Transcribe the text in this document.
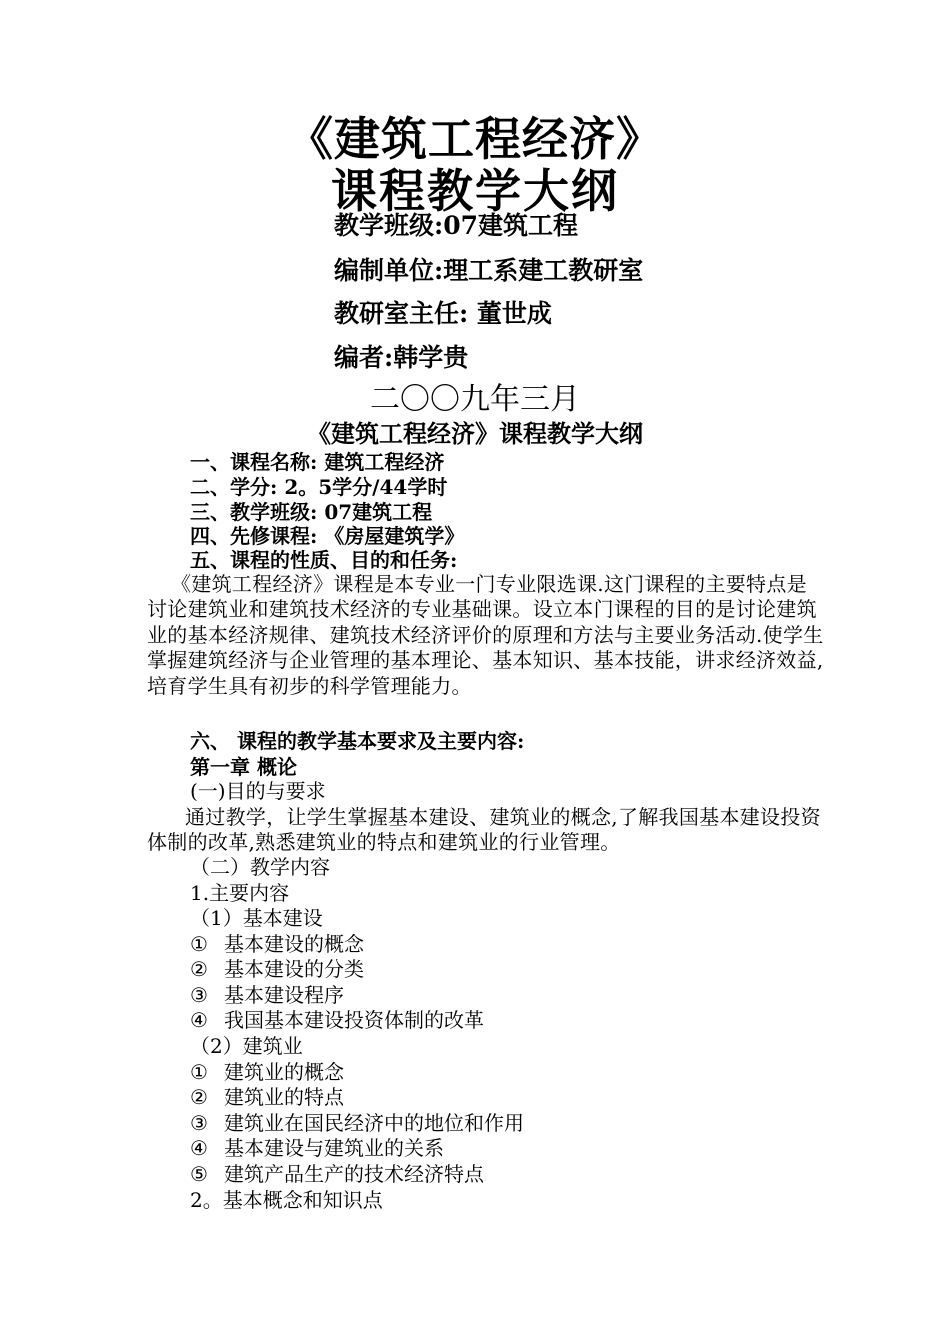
《建筑工程经济》
课程教学大纲
教学班级:07建筑工程
编制单位:理工系建工教研室
教研室主任: 董世成
编者:韩学贵
二〇〇九年三月
《建筑工程经济》课程教学大纲
一、课程名称: 建筑工程经济
二、学分: 2。5学分/44学时
三、教学班级: 07建筑工程
四、先修课程: 《房屋建筑学》
五、课程的性质、目的和任务:
《建筑工程经济》课程是本专业一门专业限选课.这门课程的主要特点是讨论建筑业和建筑技术经济的专业基础课。设立本门课程的目的是讨论建筑业的基本经济规律、建筑技术经济评价的原理和方法与主要业务活动.使学生掌握建筑经济与企业管理的基本理论、基本知识、基本技能，讲求经济效益,培育学生具有初步的科学管理能力。
六、 课程的教学基本要求及主要内容:
第一章 概论
(一)目的与要求
通过教学，让学生掌握基本建设、建筑业的概念,了解我国基本建设投资体制的改革,熟悉建筑业的特点和建筑业的行业管理。
（二）教学内容
1.主要内容
（1）基本建设
① 基本建设的概念
② 基本建设的分类
③ 基本建设程序
④ 我国基本建设投资体制的改革
（2）建筑业
① 建筑业的概念
② 建筑业的特点
③ 建筑业在国民经济中的地位和作用
④ 基本建设与建筑业的关系
⑤ 建筑产品生产的技术经济特点
2。基本概念和知识点
